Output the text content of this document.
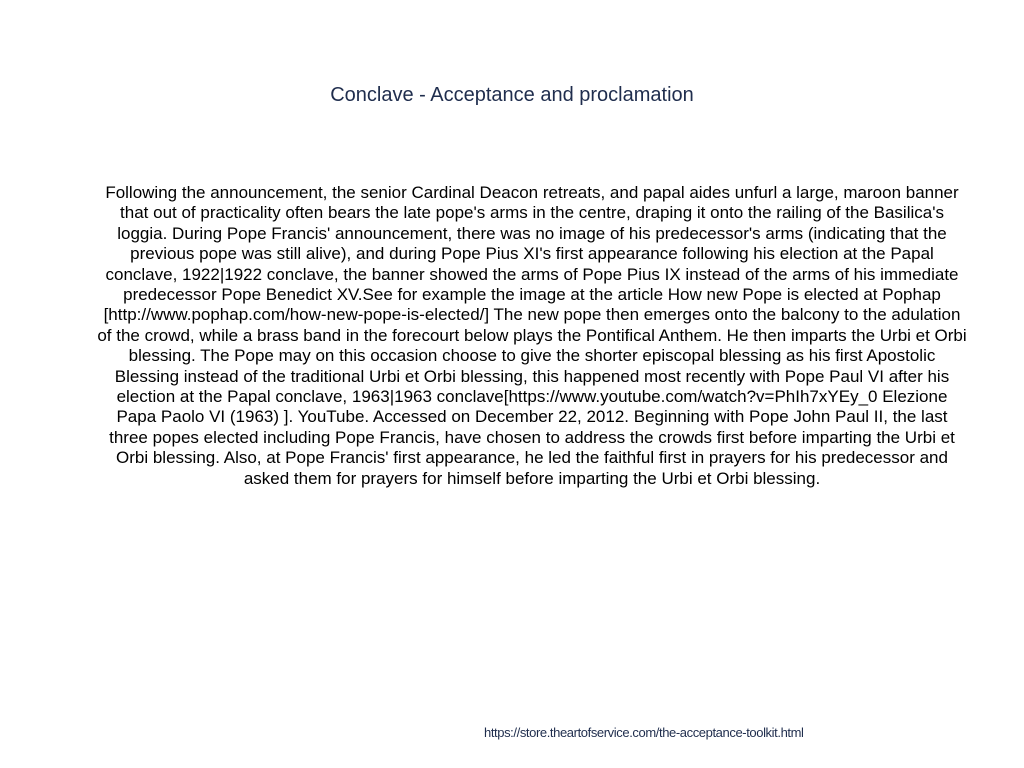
Conclave - Acceptance and proclamation

Following the announcement, the senior Cardinal Deacon retreats, and papal aides unfurl a large, maroon banner that out of practicality often bears the late pope's arms in the centre, draping it onto the railing of the Basilica's loggia. During Pope Francis' announcement, there was no image of his predecessor's arms (indicating that the previous pope was still alive), and during Pope Pius XI's first appearance following his election at the Papal conclave, 1922|1922 conclave, the banner showed the arms of Pope Pius IX instead of the arms of his immediate predecessor Pope Benedict XV.See for example the image at the article How new Pope is elected at Pophap [http://www.pophap.com/how-new-pope-is-elected/] The new pope then emerges onto the balcony to the adulation of the crowd, while a brass band in the forecourt below plays the Pontifical Anthem. He then imparts the Urbi et Orbi blessing. The Pope may on this occasion choose to give the shorter episcopal blessing as his first Apostolic Blessing instead of the traditional Urbi et Orbi blessing, this happened most recently with Pope Paul VI after his election at the Papal conclave, 1963|1963 conclave[https://www.youtube.com/watch?v=PhIh7xYEy_0 Elezione Papa Paolo VI (1963) ]. YouTube. Accessed on December 22, 2012. Beginning with Pope John Paul II, the last three popes elected including Pope Francis, have chosen to address the crowds first before imparting the Urbi et Orbi blessing. Also, at Pope Francis' first appearance, he led the faithful first in prayers for his predecessor and asked them for prayers for himself before imparting the Urbi et Orbi blessing.

https://store.theartofservice.com/the-acceptance-toolkit.html
